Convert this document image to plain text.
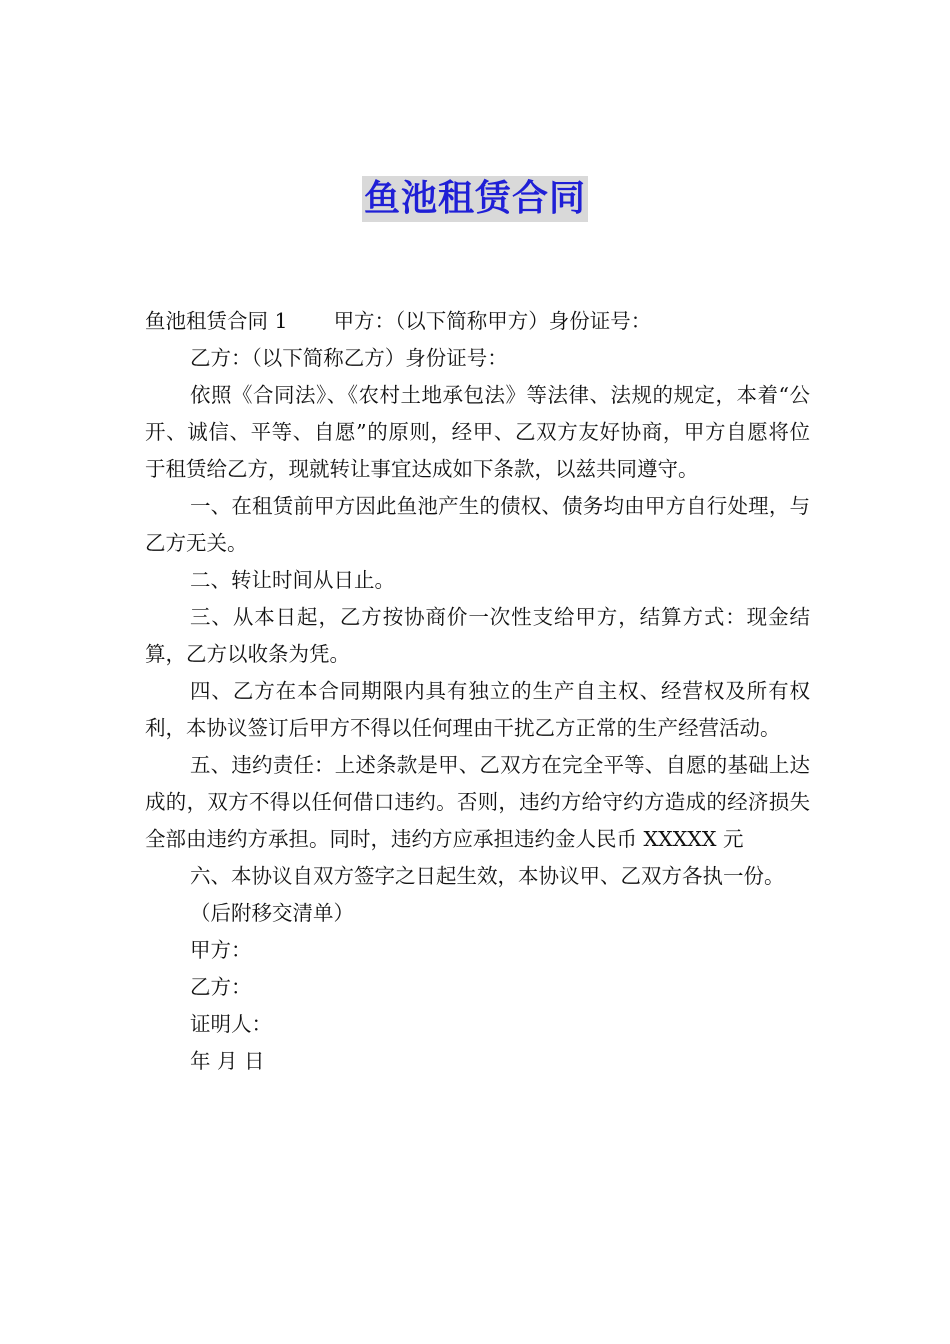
鱼池租赁合同

鱼池租赁合同 1 甲方：（以下简称甲方）身份证号：

乙方：（以下简称乙方）身份证号：

依照《合同法》、《农村土地承包法》等法律、法规的规定，本着“公开、诚信、平等、自愿”的原则，经甲、乙双方友好协商，甲方自愿将位于租赁给乙方，现就转让事宜达成如下条款，以兹共同遵守。

一、在租赁前甲方因此鱼池产生的债权、债务均由甲方自行处理，与乙方无关。

二、转让时间从日止。

三、从本日起，乙方按协商价一次性支给甲方，结算方式：现金结算，乙方以收条为凭。

四、乙方在本合同期限内具有独立的生产自主权、经营权及所有权利，本协议签订后甲方不得以任何理由干扰乙方正常的生产经营活动。

五、违约责任：上述条款是甲、乙双方在完全平等、自愿的基础上达成的，双方不得以任何借口违约。否则，违约方给守约方造成的经济损失全部由违约方承担。同时，违约方应承担违约金人民币 XXXXX 元

六、本协议自双方签字之日起生效，本协议甲、乙双方各执一份。

（后附移交清单）

甲方：

乙方：

证明人：

年 月 日
